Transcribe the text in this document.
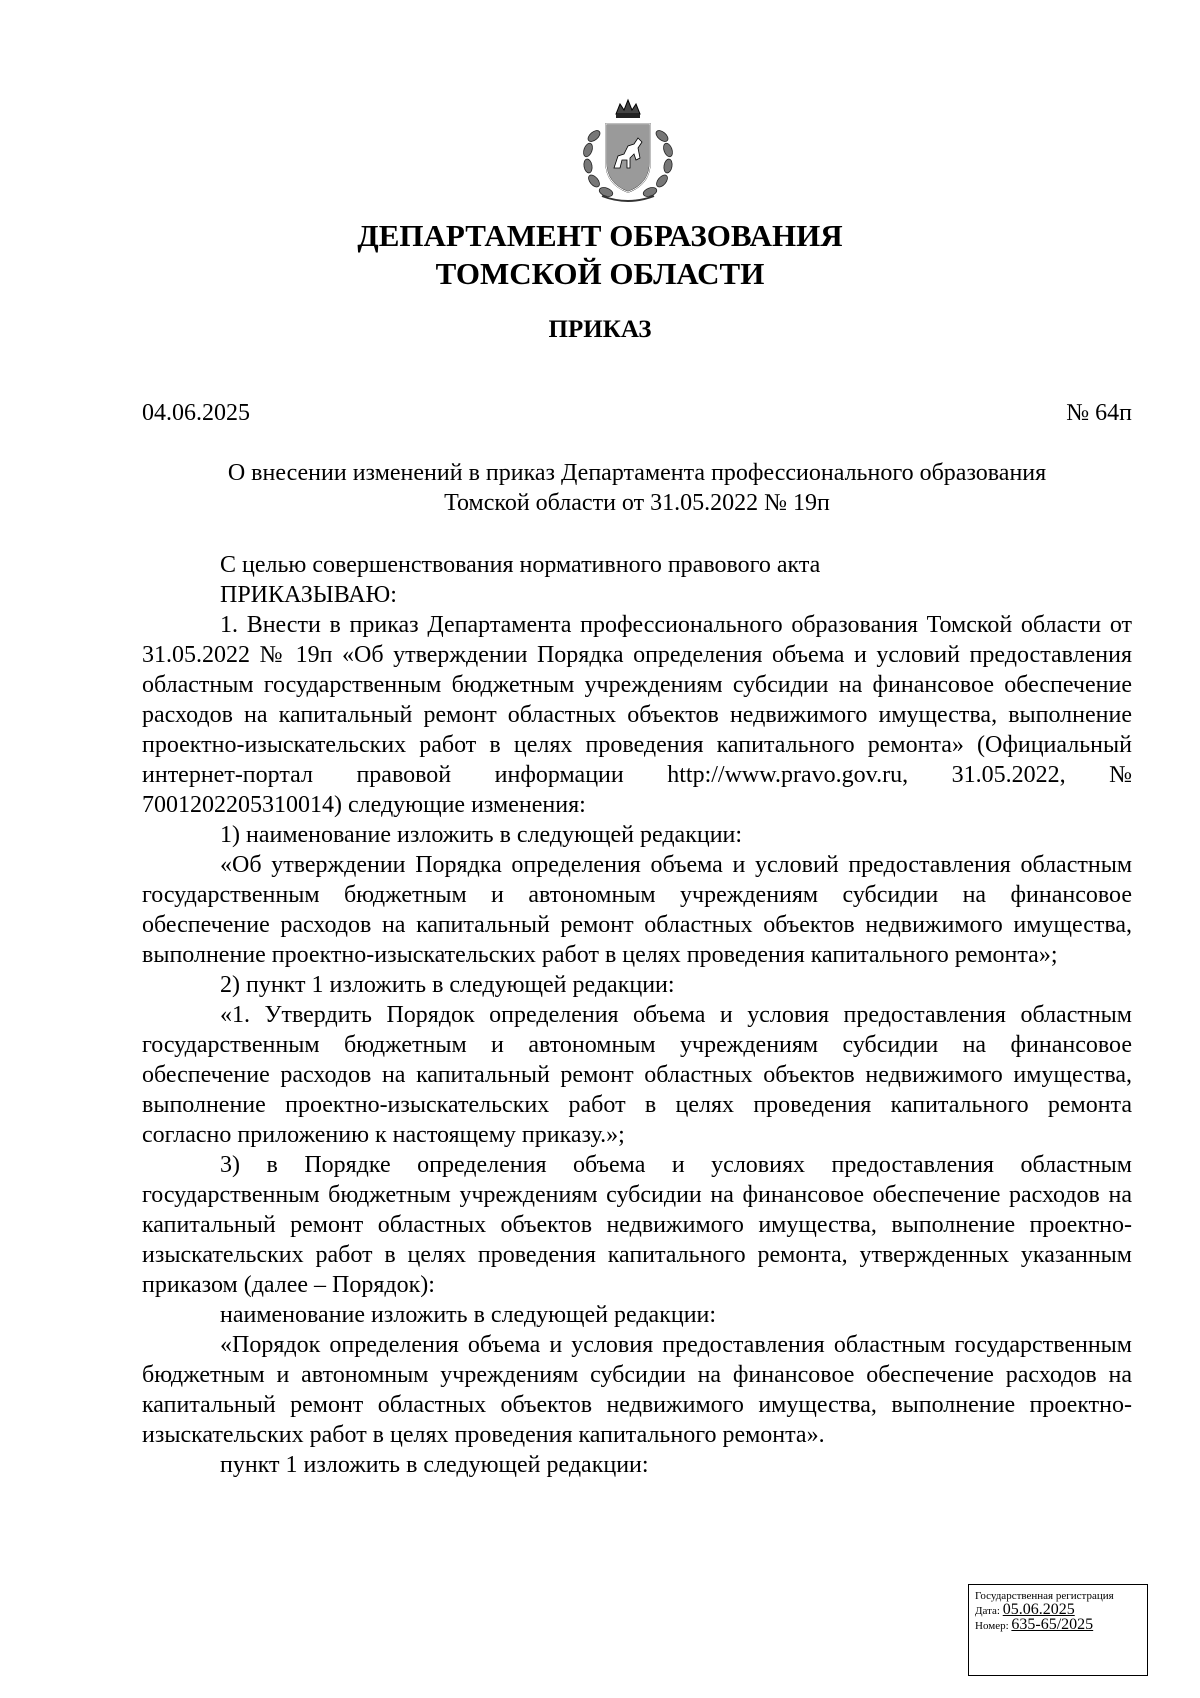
ДЕПАРТАМЕНТ ОБРАЗОВАНИЯ
ТОМСКОЙ ОБЛАСТИ
ПРИКАЗ
04.06.2025	№ 64п
О внесении изменений в приказ Департамента профессионального образования
Томской области от 31.05.2022 № 19п

С целью совершенствования нормативного правового акта

ПРИКАЗЫВАЮ:

1. Внести в приказ Департамента профессионального образования Томской области от 31.05.2022 № 19п «Об утверждении Порядка определения объема и условий предоставления областным государственным бюджетным учреждениям субсидии на финансовое обеспечение расходов на капитальный ремонт областных объектов недвижимого имущества, выполнение проектно-изыскательских работ в целях проведения капитального ремонта» (Официальный интернет-портал правовой информации http://www.pravo.gov.ru, 31.05.2022, № 7001202205310014) следующие изменения:

1) наименование изложить в следующей редакции:

«Об утверждении Порядка определения объема и условий предоставления областным государственным бюджетным и автономным учреждениям субсидии на финансовое обеспечение расходов на капитальный ремонт областных объектов недвижимого имущества, выполнение проектно-изыскательских работ в целях проведения капитального ремонта»;

2) пункт 1 изложить в следующей редакции:

«1. Утвердить Порядок определения объема и условия предоставления областным государственным бюджетным и автономным учреждениям субсидии на финансовое обеспечение расходов на капитальный ремонт областных объектов недвижимого имущества, выполнение проектно-изыскательских работ в целях проведения капитального ремонта согласно приложению к настоящему приказу.»;

3) в Порядке определения объема и условиях предоставления областным государственным бюджетным учреждениям субсидии на финансовое обеспечение расходов на капитальный ремонт областных объектов недвижимого имущества, выполнение проектно-изыскательских работ в целях проведения капитального ремонта, утвержденных указанным приказом (далее – Порядок):

наименование изложить в следующей редакции:

«Порядок определения объема и условия предоставления областным государственным бюджетным и автономным учреждениям субсидии на финансовое обеспечение расходов на капитальный ремонт областных объектов недвижимого имущества, выполнение проектно-изыскательских работ в целях проведения капитального ремонта».

пункт 1 изложить в следующей редакции:

Государственная регистрация
Дата: 05.06.2025
Номер: 635-65/2025
